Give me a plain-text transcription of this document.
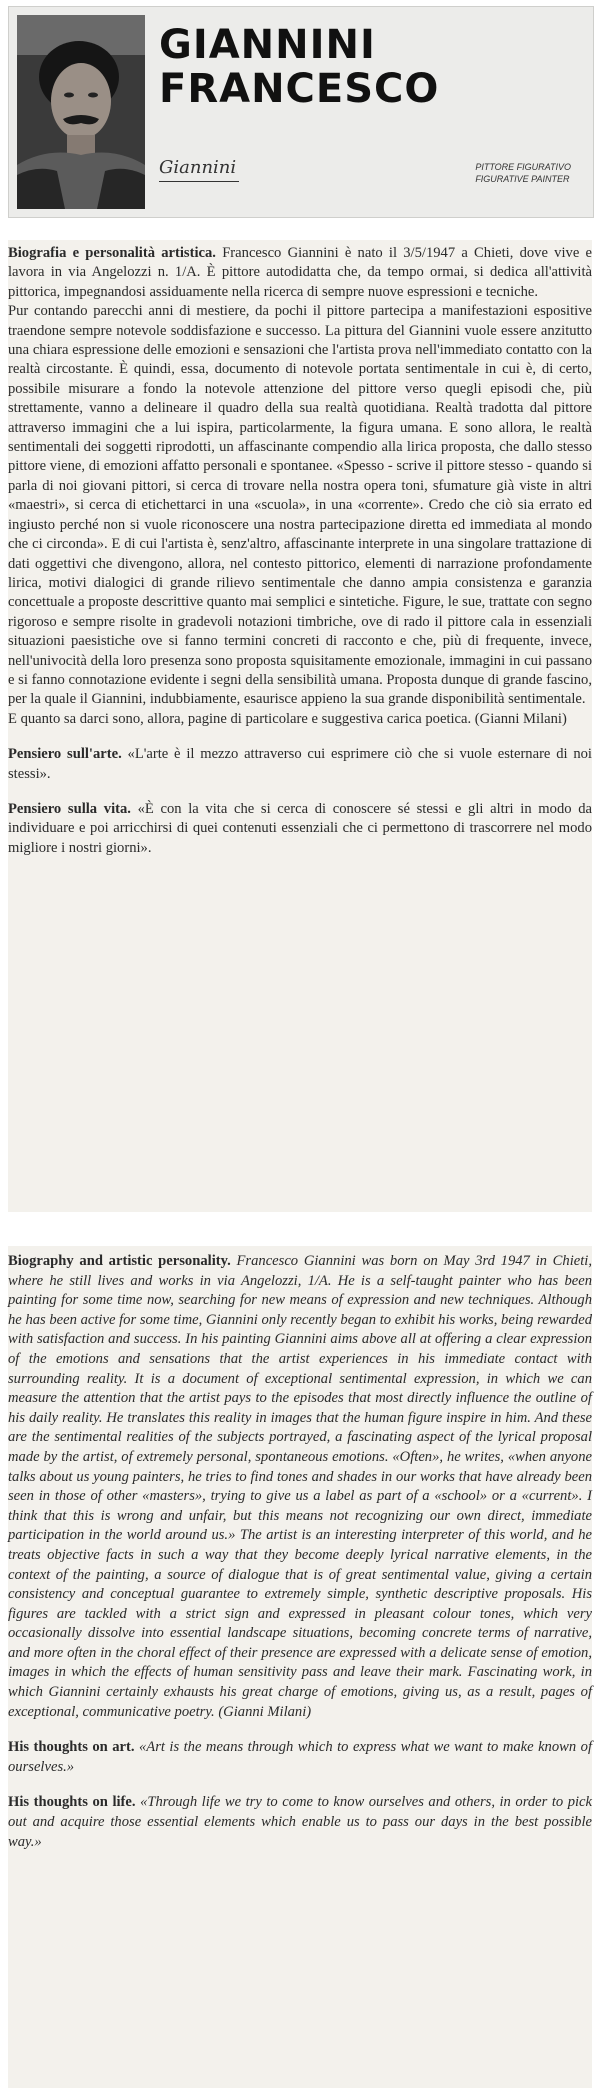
GIANNINI
FRANCESCO
Giannini	PITTORE FIGURATIVO
FIGURATIVE PAINTER

Biografia e personalità artistica. Francesco Giannini è nato il 3/5/1947 a Chieti, dove vive e lavora in via Angelozzi n. 1/A. È pittore autodidatta che, da tempo ormai, si dedica all'attività pittorica, impegnandosi assiduamente nella ricerca di sempre nuove espressioni e tecniche.

Pur contando parecchi anni di mestiere, da pochi il pittore partecipa a manifestazioni espositive traendone sempre notevole soddisfazione e successo. La pittura del Giannini vuole essere anzitutto una chiara espressione delle emozioni e sensazioni che l'artista prova nell'immediato contatto con la realtà circostante. È quindi, essa, documento di notevole portata sentimentale in cui è, di certo, possibile misurare a fondo la notevole attenzione del pittore verso quegli episodi che, più strettamente, vanno a delineare il quadro della sua realtà quotidiana. Realtà tradotta dal pittore attraverso immagini che a lui ispira, particolarmente, la figura umana. E sono allora, le realtà sentimentali dei soggetti riprodotti, un affascinante compendio alla lirica proposta, che dallo stesso pittore viene, di emozioni affatto personali e spontanee. «Spesso - scrive il pittore stesso - quando si parla di noi giovani pittori, si cerca di trovare nella nostra opera toni, sfumature già viste in altri «maestri», si cerca di etichettarci in una «scuola», in una «corrente». Credo che ciò sia errato ed ingiusto perché non si vuole riconoscere una nostra partecipazione diretta ed immediata al mondo che ci circonda». E di cui l'artista è, senz'altro, affascinante interprete in una singolare trattazione di dati oggettivi che divengono, allora, nel contesto pittorico, elementi di narrazione profondamente lirica, motivi dialogici di grande rilievo sentimentale che danno ampia consistenza e garanzia concettuale a proposte descrittive quanto mai semplici e sintetiche. Figure, le sue, trattate con segno rigoroso e sempre risolte in gradevoli notazioni timbriche, ove di rado il pittore cala in essenziali situazioni paesistiche ove si fanno termini concreti di racconto e che, più di frequente, invece, nell'univocità della loro presenza sono proposta squisitamente emozionale, immagini in cui passano e si fanno connotazione evidente i segni della sensibilità umana. Proposta dunque di grande fascino, per la quale il Giannini, indubbiamente, esaurisce appieno la sua grande disponibilità sentimentale.

E quanto sa darci sono, allora, pagine di particolare e suggestiva carica poetica. (Gianni Milani)

Pensiero sull'arte. «L'arte è il mezzo attraverso cui esprimere ciò che si vuole esternare di noi stessi».

Pensiero sulla vita. «È con la vita che si cerca di conoscere sé stessi e gli altri in modo da individuare e poi arricchirsi di quei contenuti essenziali che ci permettono di trascorrere nel modo migliore i nostri giorni».

Biography and artistic personality. Francesco Giannini was born on May 3rd 1947 in Chieti, where he still lives and works in via Angelozzi, 1/A. He is a self-taught painter who has been painting for some time now, searching for new means of expression and new techniques. Although he has been active for some time, Giannini only recently began to exhibit his works, being rewarded with satisfaction and success. In his painting Giannini aims above all at offering a clear expression of the emotions and sensations that the artist experiences in his immediate contact with surrounding reality. It is a document of exceptional sentimental expression, in which we can measure the attention that the artist pays to the episodes that most directly influence the outline of his daily reality. He translates this reality in images that the human figure inspire in him. And these are the sentimental realities of the subjects portrayed, a fascinating aspect of the lyrical proposal made by the artist, of extremely personal, spontaneous emotions. «Often», he writes, «when anyone talks about us young painters, he tries to find tones and shades in our works that have already been seen in those of other «masters», trying to give us a label as part of a «school» or a «current». I think that this is wrong and unfair, but this means not recognizing our own direct, immediate participation in the world around us.» The artist is an interesting interpreter of this world, and he treats objective facts in such a way that they become deeply lyrical narrative elements, in the context of the painting, a source of dialogue that is of great sentimental value, giving a certain consistency and conceptual guarantee to extremely simple, synthetic descriptive proposals. His figures are tackled with a strict sign and expressed in pleasant colour tones, which very occasionally dissolve into essential landscape situations, becoming concrete terms of narrative, and more often in the choral effect of their presence are expressed with a delicate sense of emotion, images in which the effects of human sensitivity pass and leave their mark. Fascinating work, in which Giannini certainly exhausts his great charge of emotions, giving us, as a result, pages of exceptional, communicative poetry. (Gianni Milani)

His thoughts on art. «Art is the means through which to express what we want to make known of ourselves.»

His thoughts on life. «Through life we try to come to know ourselves and others, in order to pick out and acquire those essential elements which enable us to pass our days in the best possible way.»
